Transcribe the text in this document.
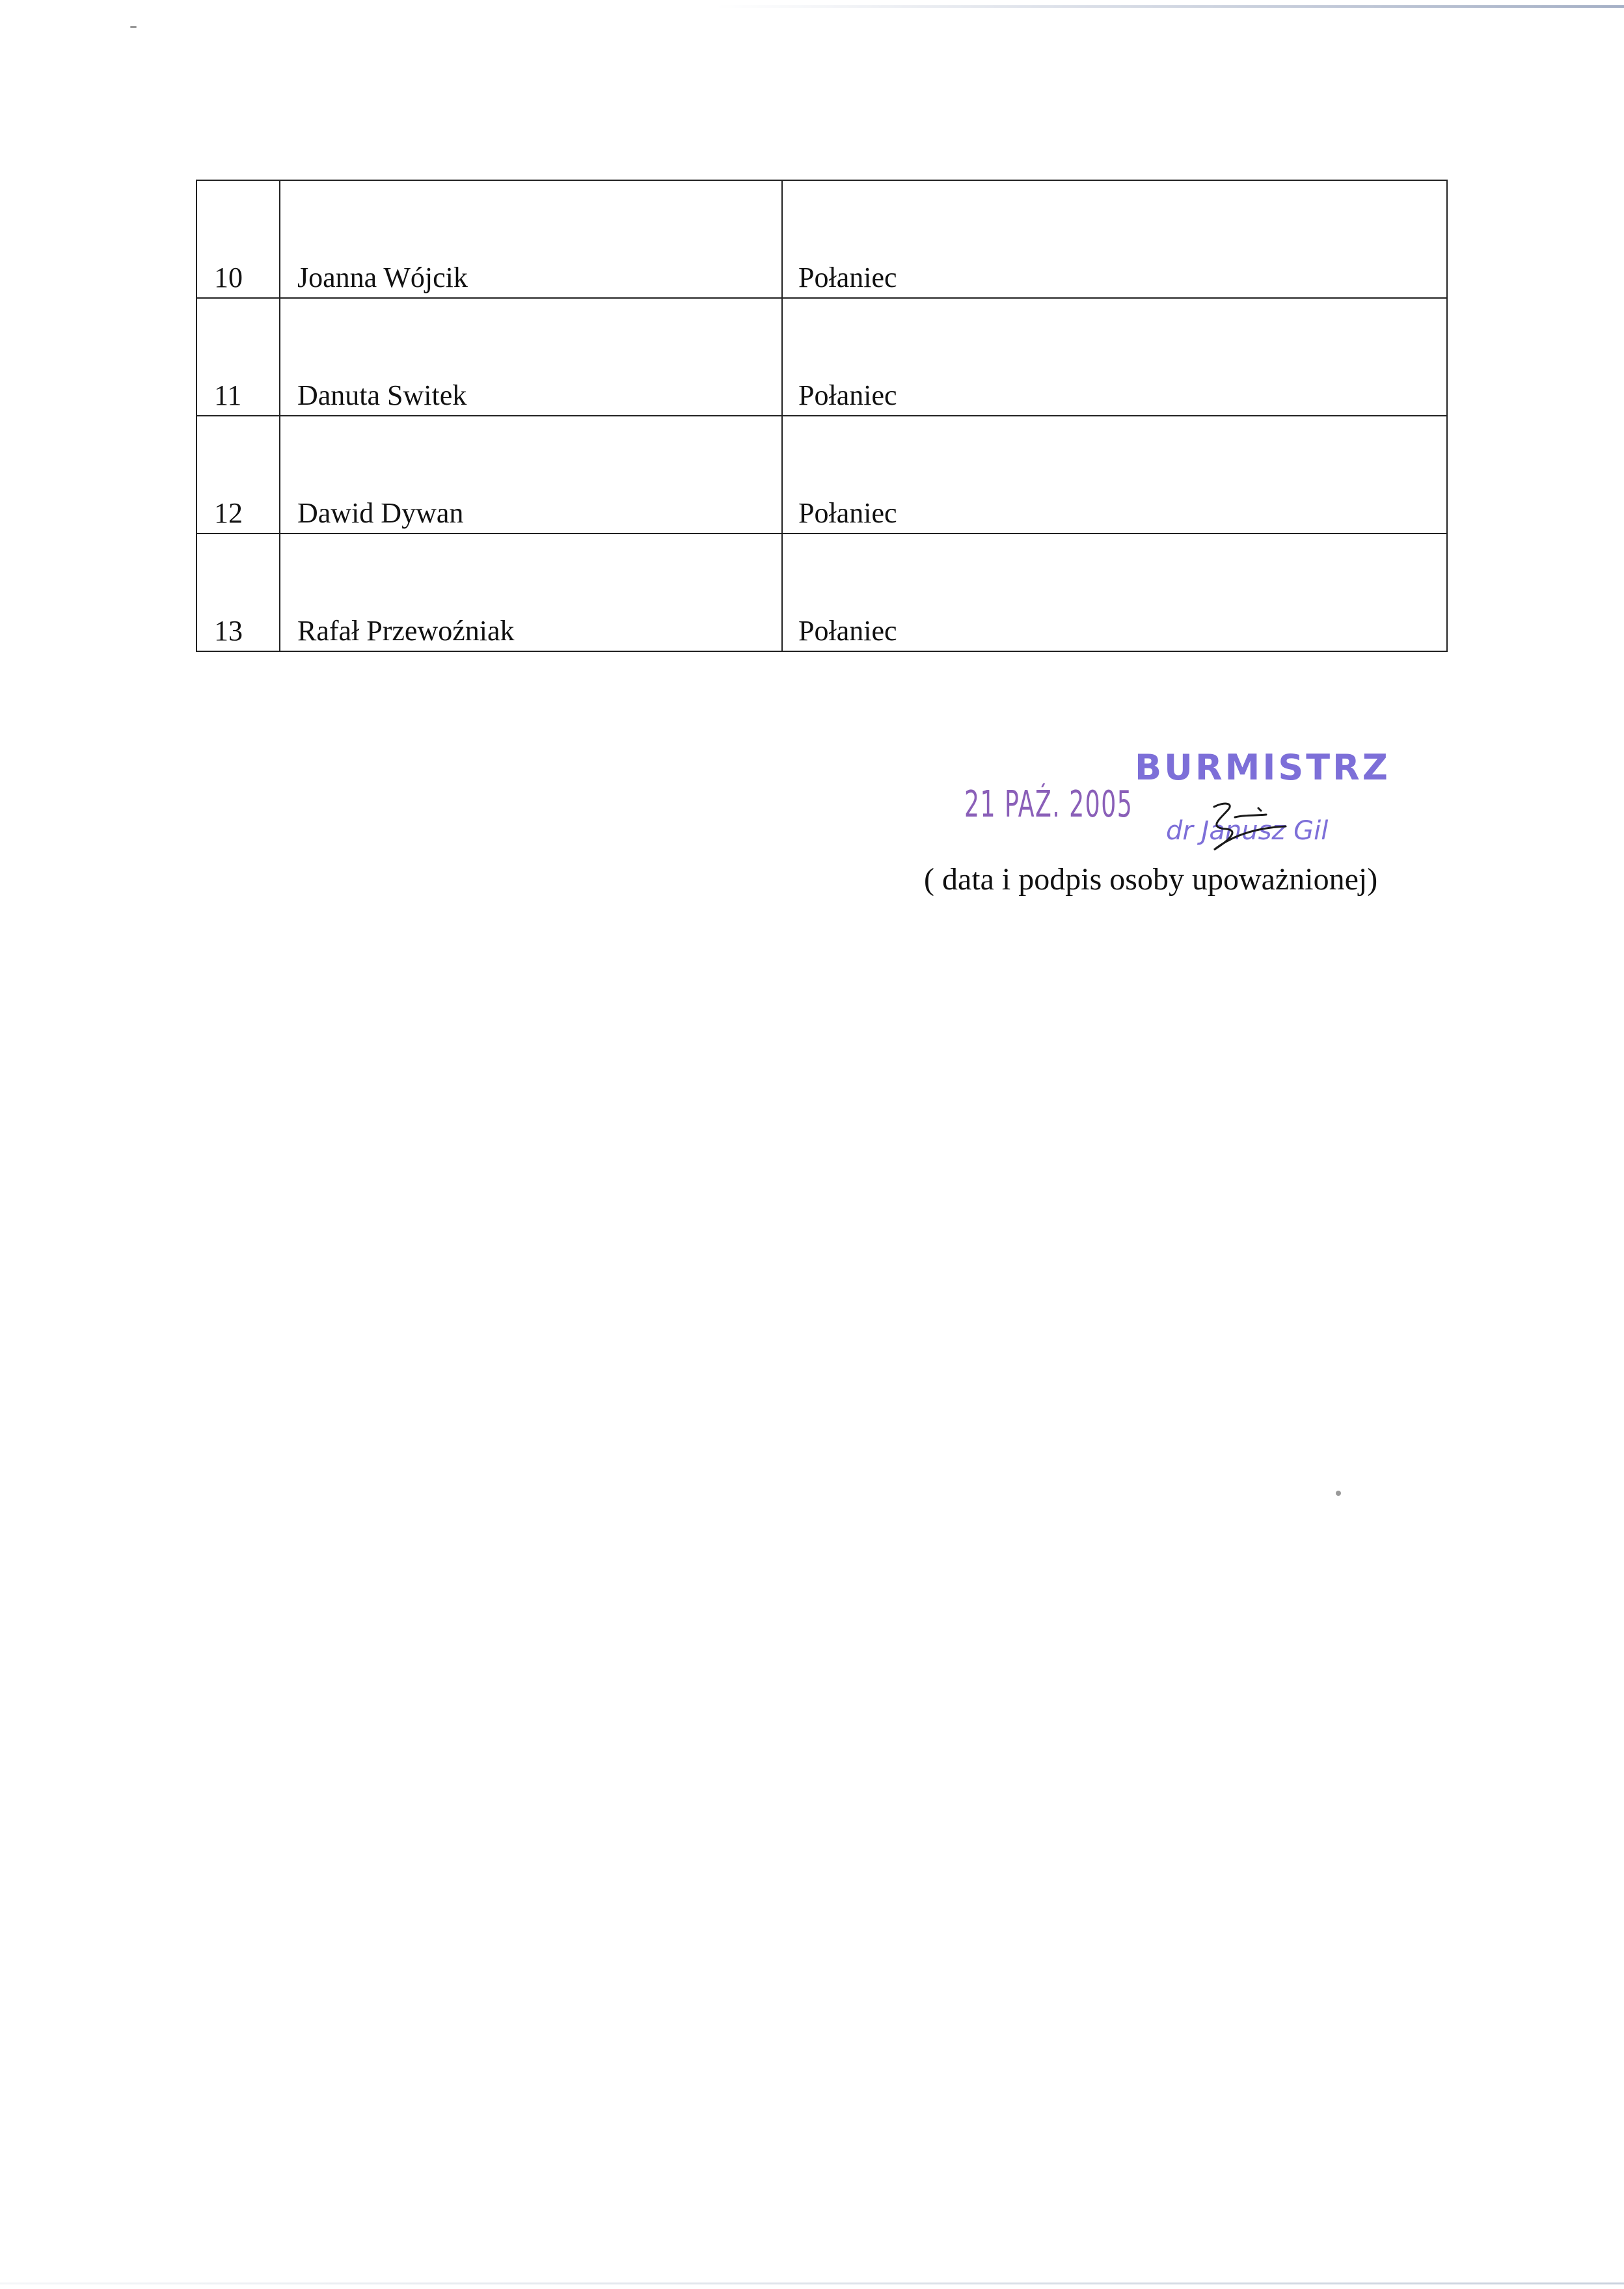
10	Joanna Wójcik	Połaniec
11	Danuta Switek	Połaniec
12	Dawid Dywan	Połaniec
13	Rafał Przewoźniak	Połaniec
BURMISTRZ
21 PAŹ. 2005
dr Janusz Gil
( data i podpis osoby upoważnionej)
